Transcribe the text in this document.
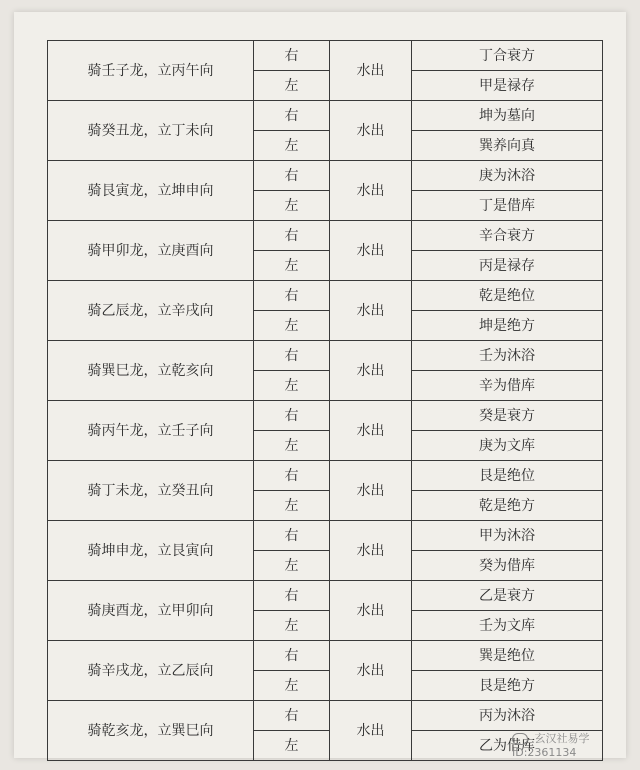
骑壬子龙，立丙午向	右	水出	丁合衰方
	左		甲是禄存
骑癸丑龙，立丁未向	右	水出	坤为墓向
	左		巽养向真
骑艮寅龙，立坤申向	右	水出	庚为沐浴
	左		丁是借库
骑甲卯龙，立庚酉向	右	水出	辛合衰方
	左		丙是禄存
骑乙辰龙，立辛戌向	右	水出	乾是绝位
	左		坤是绝方
骑巽巳龙，立乾亥向	右	水出	壬为沐浴
	左		辛为借库
骑丙午龙，立壬子向	右	水出	癸是衰方
	左		庚为文库
骑丁未龙，立癸丑向	右	水出	艮是绝位
	左		乾是绝方
骑坤申龙，立艮寅向	右	水出	甲为沐浴
	左		癸为借库
骑庚酉龙，立甲卯向	右	水出	乙是衰方
	左		壬为文库
骑辛戌龙，立乙辰向	右	水出	巽是绝位
	左		艮是绝方
骑乾亥龙，立巽巳向	右	水出	丙为沐浴
	左		乙为借库 玄汉社易学
ID:2361134
